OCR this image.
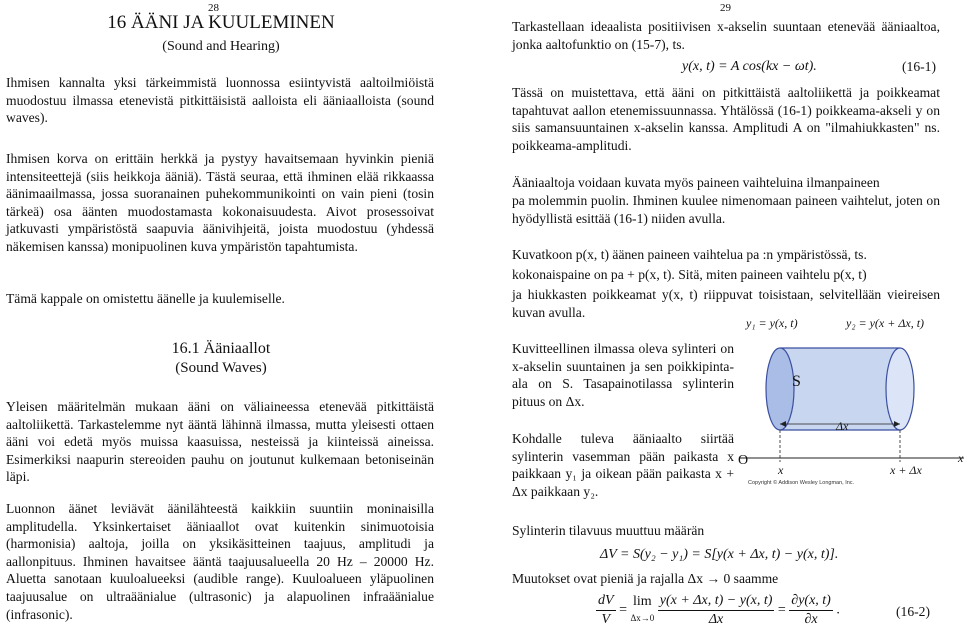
28
16 ÄÄNI JA KUULEMINEN
(Sound and Hearing)
Ihmisen kannalta yksi tärkeimmistä luonnossa esiintyvistä aaltoilmiöistä muodostuu ilmassa etenevistä pitkittäisistä aalloista eli ääniaalloista (sound waves).
Ihmisen korva on erittäin herkkä ja pystyy havaitsemaan hyvinkin pieniä intensiteettejä (siis heikkoja ääniä). Tästä seuraa, että ihminen elää rikkaassa äänimaailmassa, jossa suoranainen puhekommunikointi on vain pieni (tosin tärkeä) osa äänten muodostamasta kokonaisuudesta. Aivot prosessoivat jatkuvasti ympäristöstä saapuvia äänivihjeitä, joista muodostuu (yhdessä näkemisen kanssa) monipuolinen kuva ympäristön tapahtumista.
Tämä kappale on omistettu äänelle ja kuulemiselle.
16.1 Ääniaallot
(Sound Waves)
Yleisen määritelmän mukaan ääni on väliaineessa etenevää pitkittäistä aaltoliikettä. Tarkastelemme nyt ääntä lähinnä ilmassa, mutta yleisesti ottaen ääni voi edetä myös muissa kaasuissa, nesteissä ja kiinteissä aineissa. Esimerkiksi naapurin stereoiden pauhu on joutunut kulkemaan betoniseinän läpi.
Luonnon äänet leviävät äänilähteestä kaikkiin suuntiin moninaisilla amplitudella. Yksinkertaiset ääniaallot ovat kuitenkin sinimuotoisia (harmonisia) aaltoja, joilla on yksikäsitteinen taajuus, amplitudi ja aallonpituus. Ihminen havaitsee ääntä taajuusalueella 20 Hz – 20000 Hz. Aluetta sanotaan kuuloalueeksi (audible range). Kuuloalueen yläpuolinen taajuusalue on ultraäänialue (ultrasonic) ja alapuolinen infraäänialue (infrasonic).
29
Tarkastellaan ideaalista positiivisen x-akselin suuntaan etenevää ääniaaltoa, jonka aaltofunktio on (15-7), ts.
y(x, t) = A cos(kx − ωt).	(16-1)
Tässä on muistettava, että ääni on pitkittäistä aaltoliikettä ja poikkeamat tapahtuvat aallon etenemissuunnassa. Yhtälössä (16-1) poikkeama-akseli y on siis samansuuntainen x-akselin kanssa. Amplitudi A on "ilmahiukkasten" ns. poikkeama-amplitudi.
Ääniaaltoja voidaan kuvata myös paineen vaihteluina ilmanpaineen
pa molemmin puolin. Ihminen kuulee nimenomaan paineen vaihtelut, joten on hyödyllistä esittää (16-1) niiden avulla.
Kuvatkoon p(x, t) äänen paineen vaihtelua pa :n ympäristössä, ts.
kokonaispaine on pa + p(x, t). Sitä, miten paineen vaihtelu p(x, t)
ja hiukkasten poikkeamat y(x, t) riippuvat toisistaan, selvitellään vieireisen kuvan avulla.
y₁ = y(x, t)	y₂ = y(x + Δx, t)
S
Δx
O
x	x + Δx
x
Copyright © Addison Wesley Longman, Inc.
Kuvitteellinen ilmassa oleva sylinteri on x-akselin suuntainen ja sen poikkipinta-ala on S. Tasapainotilassa sylinterin pituus on Δx.
Kohdalle tuleva ääniaalto siirtää sylinterin vasemman pään paikasta x paikkaan y₁ ja oikean pään paikasta x + Δx paikkaan y₂.
Sylinterin tilavuus muuttuu määrän
ΔV = S(y₂ − y₁) = S[y(x + Δx, t) − y(x, t)].
Muutokset ovat pieniä ja rajalla Δx → 0 saamme
$\frac{dV}{V}$ =
lim
Δx→0
$\frac{y(x + \Delta x, t) - y(x, t)}{\Delta x} = \frac{\partial y(x, t)}{\partial x}$ .	(16-2)
